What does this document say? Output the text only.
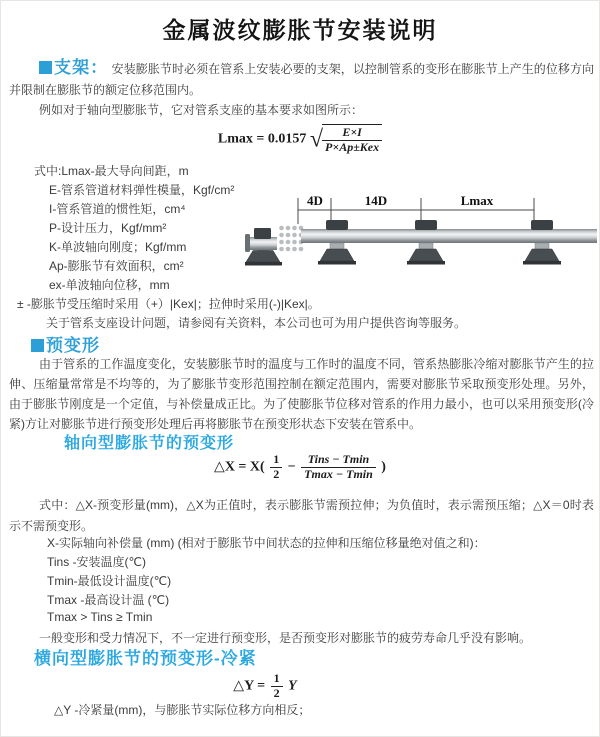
金属波纹膨胀节安装说明
支架： 安装膨胀节时必须在管系上安装必要的支架，以控制管系的变形在膨胀节上产生的位移方向并限制在膨胀节的额定位移范围内。
例如对于轴向型膨胀节，它对管系支座的基本要求如图所示：
Lmax = 0.0157 √ $\frac{E\times I}{\text{P×Ap±Kex}}$
式中:Lmax-最大导向间距，m
E-管系管道材料弹性模量，Kgf/cm²
I-管系管道的惯性矩，cm⁴
P-设计压力，Kgf/mm²
K-单波轴向刚度；Kgf/mm
Ap-膨胀节有效面积，cm²
ex-单波轴向位移，mm
± -膨胀节受压缩时采用（+）|Kex|；拉伸时采用(-)|Kex|。
关于管系支座设计问题，请参阅有关资料，本公司也可为用户提供咨询等服务。
4D	14D	Lmax
预变形
由于管系的工作温度变化，安装膨胀节时的温度与工作时的温度不同，管系热膨胀冷缩对膨胀节产生的拉伸、压缩量常常是不均等的，为了膨胀节变形范围控制在额定范围内，需要对膨胀节采取预变形处理。另外，由于膨胀节刚度是一个定值，与补偿量成正比。为了使膨胀节位移对管系的作用力最小，也可以采用预变形(冷紧)方让对膨胀节进行预变形处理后再将膨胀节在预变形状态下安装在管系中。
轴向型膨胀节的预变形
△X = $X( \frac{1}{2} - \frac{\text{Tins − Tmin}}{Tmax - Tmin}$ )
式中：△X-预变形量(mm)，△X为正值时，表示膨胀节需预拉伸；为负值时，表示需预压缩；△X＝0时表示不需预变形。
X-实际轴向补偿量 (mm) (相对于膨胀节中间状态的拉伸和压缩位移量绝对值之和)：
Tins -安装温度(℃)
Tmin-最低设计温度(℃)
Tmax -最高设计温 (℃)
Tmax > Tins ≥ Tmin
一般变形和受力情况下，不一定进行预变形，是否预变形对膨胀节的疲劳寿命几乎没有影响。
横向型膨胀节的预变形-冷紧
△Y = $\frac{1}{2}$ Y
△Y -冷紧量(mm)，与膨胀节实际位移方向相反；
